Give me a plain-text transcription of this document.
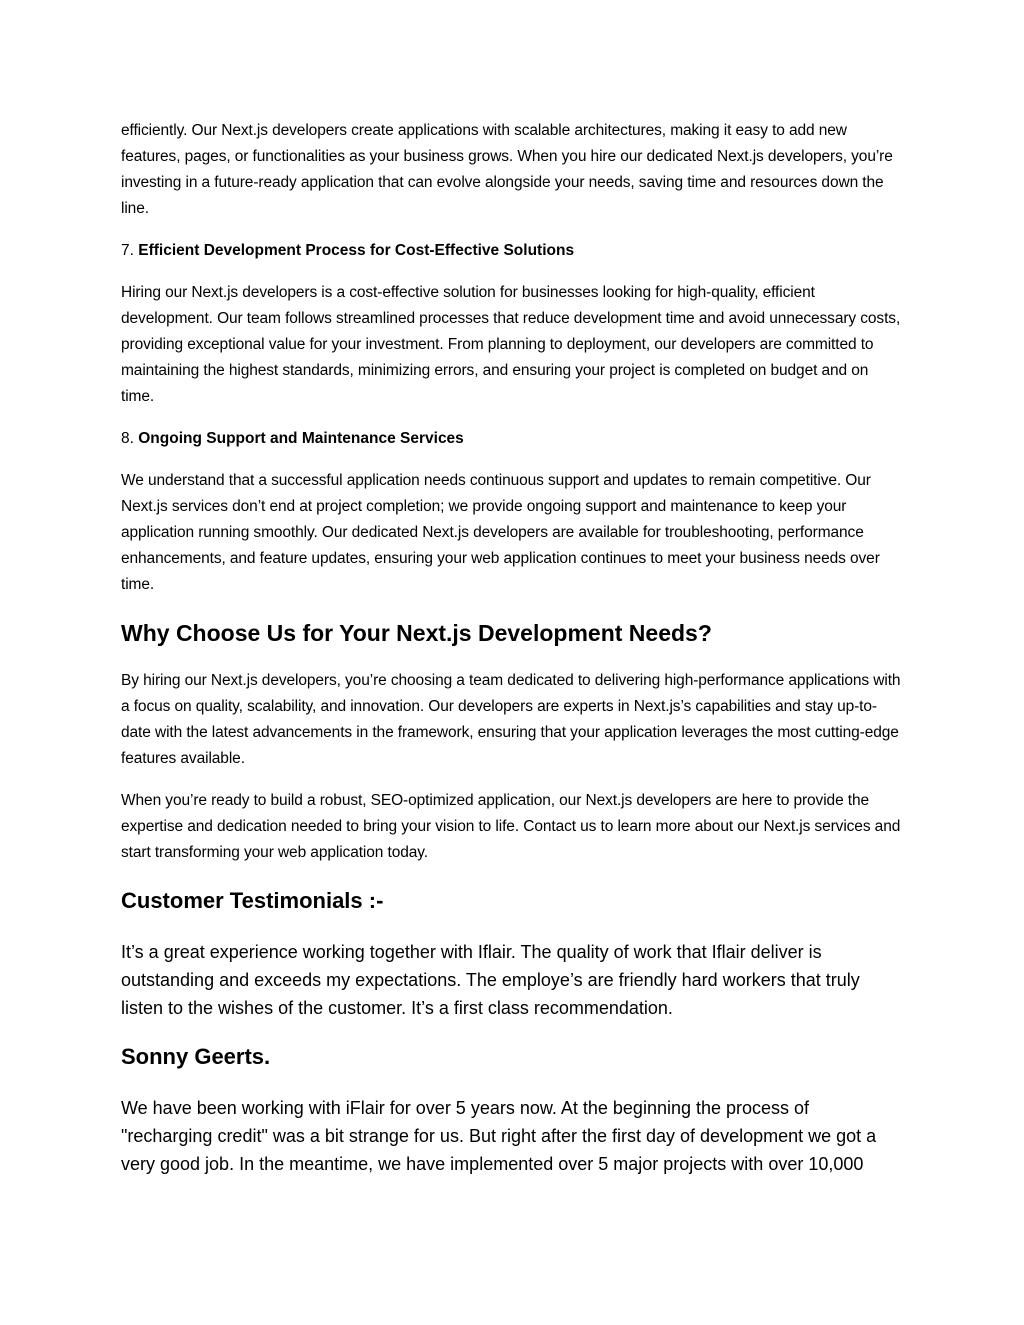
efficiently. Our Next.js developers create applications with scalable architectures, making it easy to add new features, pages, or functionalities as your business grows. When you hire our dedicated Next.js developers, you’re investing in a future-ready application that can evolve alongside your needs, saving time and resources down the line.

7. Efficient Development Process for Cost-Effective Solutions

Hiring our Next.js developers is a cost-effective solution for businesses looking for high-quality, efficient development. Our team follows streamlined processes that reduce development time and avoid unnecessary costs, providing exceptional value for your investment. From planning to deployment, our developers are committed to maintaining the highest standards, minimizing errors, and ensuring your project is completed on budget and on time.

8. Ongoing Support and Maintenance Services

We understand that a successful application needs continuous support and updates to remain competitive. Our Next.js services don’t end at project completion; we provide ongoing support and maintenance to keep your application running smoothly. Our dedicated Next.js developers are available for troubleshooting, performance enhancements, and feature updates, ensuring your web application continues to meet your business needs over time.

Why Choose Us for Your Next.js Development Needs?

By hiring our Next.js developers, you’re choosing a team dedicated to delivering high-performance applications with a focus on quality, scalability, and innovation. Our developers are experts in Next.js’s capabilities and stay up-to-date with the latest advancements in the framework, ensuring that your application leverages the most cutting-edge features available.

When you’re ready to build a robust, SEO-optimized application, our Next.js developers are here to provide the expertise and dedication needed to bring your vision to life. Contact us to learn more about our Next.js services and start transforming your web application today.

Customer Testimonials :-

It’s a great experience working together with Iflair. The quality of work that Iflair deliver is outstanding and exceeds my expectations. The employe’s are friendly hard workers that truly listen to the wishes of the customer. It’s a first class recommendation.

Sonny Geerts.

We have been working with iFlair for over 5 years now. At the beginning the process of "recharging credit" was a bit strange for us. But right after the first day of development we got a very good job. In the meantime, we have implemented over 5 major projects with over 10,000
